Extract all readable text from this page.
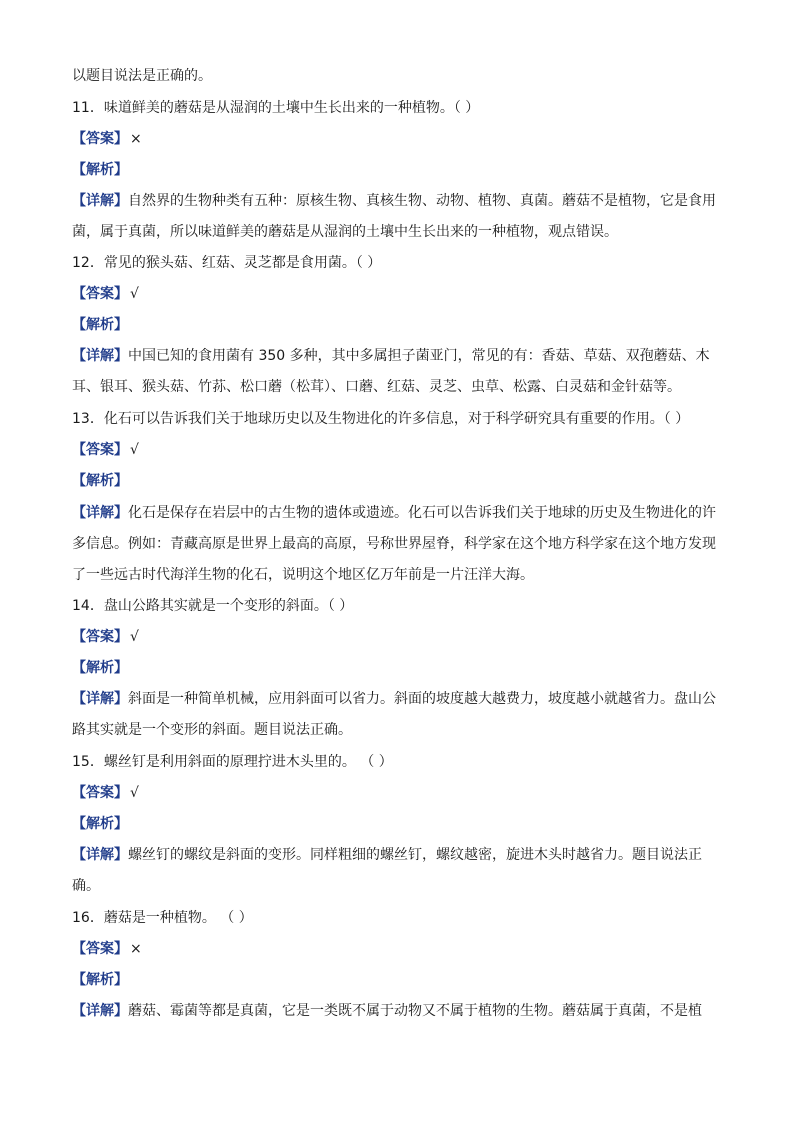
以题目说法是正确的。
11．味道鲜美的蘑菇是从湿润的土壤中生长出来的一种植物。（ ）
【答案】 ×
【解析】
【详解】自然界的生物种类有五种：原核生物、真核生物、动物、植物、真菌。蘑菇不是植物，它是食用
菌，属于真菌，所以味道鲜美的蘑菇是从湿润的土壤中生长出来的一种植物，观点错误。
12．常见的猴头菇、红菇、灵芝都是食用菌。（ ）
【答案】 √
【解析】
【详解】中国已知的食用菌有 350 多种，其中多属担子菌亚门，常见的有：香菇、草菇、双孢蘑菇、木
耳、银耳、猴头菇、竹荪、松口蘑（松茸）、口蘑、红菇、灵芝、虫草、松露、白灵菇和金针菇等。
13．化石可以告诉我们关于地球历史以及生物进化的许多信息，对于科学研究具有重要的作用。（ ）
【答案】 √
【解析】
【详解】化石是保存在岩层中的古生物的遗体或遗迹。化石可以告诉我们关于地球的历史及生物进化的许
多信息。例如：青藏高原是世界上最高的高原，号称世界屋脊，科学家在这个地方科学家在这个地方发现
了一些远古时代海洋生物的化石，说明这个地区亿万年前是一片汪洋大海。
14．盘山公路其实就是一个变形的斜面。（ ）
【答案】 √
【解析】
【详解】斜面是一种简单机械，应用斜面可以省力。斜面的坡度越大越费力，坡度越小就越省力。盘山公
路其实就是一个变形的斜面。题目说法正确。
15．螺丝钉是利用斜面的原理拧进木头里的。 （ ）
【答案】 √
【解析】
【详解】螺丝钉的螺纹是斜面的变形。同样粗细的螺丝钉，螺纹越密，旋进木头时越省力。题目说法正
确。
16．蘑菇是一种植物。 （ ）
【答案】 ×
【解析】
【详解】蘑菇、霉菌等都是真菌，它是一类既不属于动物又不属于植物的生物。蘑菇属于真菌，不是植
